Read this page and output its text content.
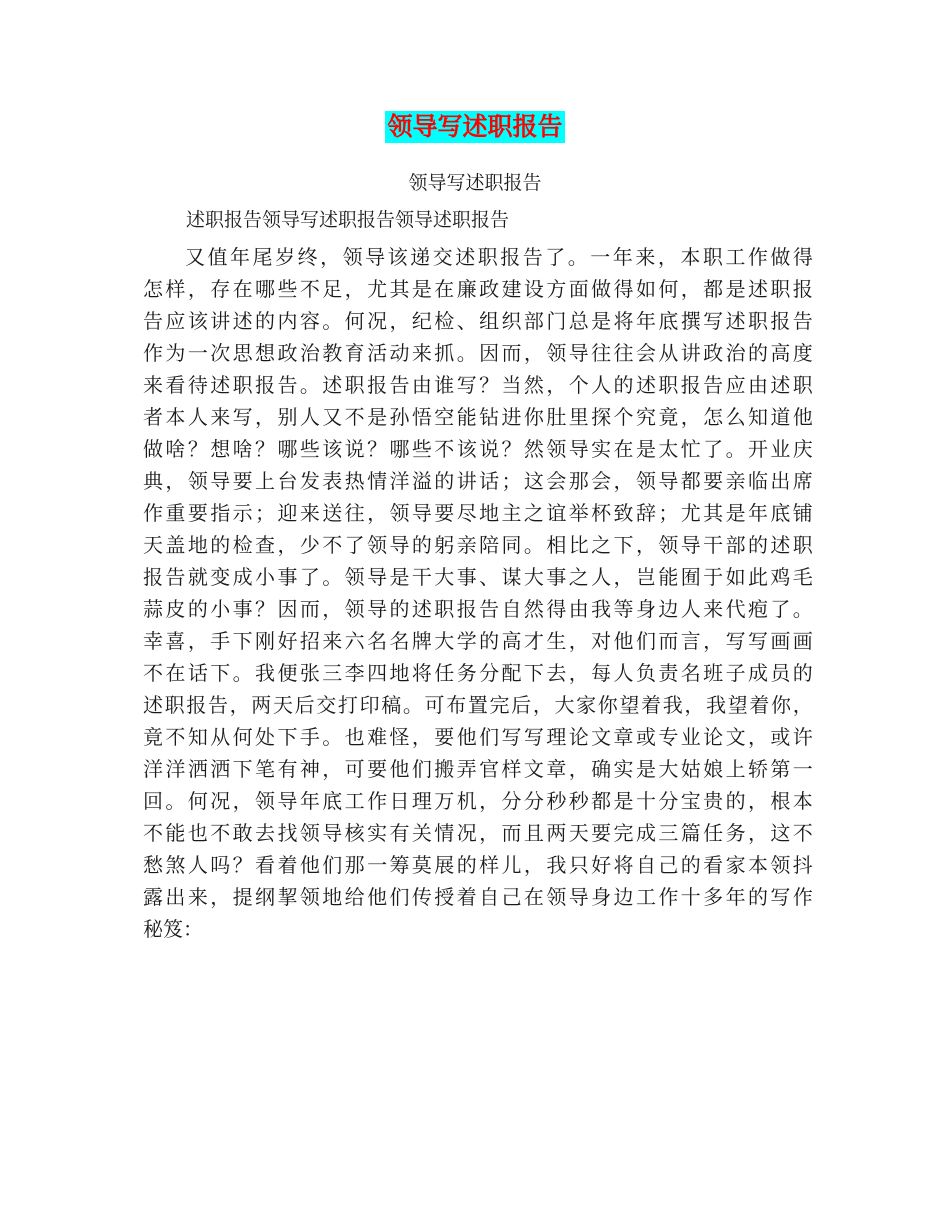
领导写述职报告
领导写述职报告
述职报告领导写述职报告领导述职报告
又 值 年 尾 岁 终 ， 领 导 该 递 交 述 职 报 告 了 。 一 年 来 ， 本 职 工 作 做 得
怎 样 ， 存 在 哪 些 不 足 ， 尤 其 是 在 廉 政 建 设 方 面 做 得 如 何 ， 都 是 述 职 报
告 应 该 讲 述 的 内 容 。 何 况 ， 纪 检 、 组 织 部 门 总 是 将 年 底 撰 写 述 职 报 告
作 为 一 次 思 想 政 治 教 育 活 动 来 抓 。 因 而 ， 领 导 往 往 会 从 讲 政 治 的 高 度
来 看 待 述 职 报 告 。 述 职 报 告 由 谁 写 ？ 当 然 ， 个 人 的 述 职 报 告 应 由 述 职
者 本 人 来 写 ， 别 人 又 不 是 孙 悟 空 能 钻 进 你 肚 里 探 个 究 竟 ， 怎 么 知 道 他
做 啥 ？ 想 啥 ？ 哪 些 该 说 ？ 哪 些 不 该 说 ？ 然 领 导 实 在 是 太 忙 了 。 开 业 庆
典 ， 领 导 要 上 台 发 表 热 情 洋 溢 的 讲 话 ； 这 会 那 会 ， 领 导 都 要 亲 临 出 席
作 重 要 指 示 ； 迎 来 送 往 ， 领 导 要 尽 地 主 之 谊 举 杯 致 辞 ； 尤 其 是 年 底 铺
天 盖 地 的 检 查 ， 少 不 了 领 导 的 躬 亲 陪 同 。 相 比 之 下 ， 领 导 干 部 的 述 职
报 告 就 变 成 小 事 了 。 领 导 是 干 大 事 、 谋 大 事 之 人 ， 岂 能 囿 于 如 此 鸡 毛
蒜 皮 的 小 事 ？ 因 而 ， 领 导 的 述 职 报 告 自 然 得 由 我 等 身 边 人 来 代 疱 了 。
幸 喜 ， 手 下 刚 好 招 来 六 名 名 牌 大 学 的 高 才 生 ， 对 他 们 而 言 ， 写 写 画 画
不 在 话 下 。 我 便 张 三 李 四 地 将 任 务 分 配 下 去 ， 每 人 负 责 名 班 子 成 员 的
述 职 报 告 ， 两 天 后 交 打 印 稿 。 可 布 置 完 后 ， 大 家 你 望 着 我 ， 我 望 着 你 ，
竟 不 知 从 何 处 下 手 。 也 难 怪 ， 要 他 们 写 写 理 论 文 章 或 专 业 论 文 ， 或 许
洋 洋 洒 洒 下 笔 有 神 ， 可 要 他 们 搬 弄 官 样 文 章 ， 确 实 是 大 姑 娘 上 轿 第 一
回 。 何 况 ， 领 导 年 底 工 作 日 理 万 机 ， 分 分 秒 秒 都 是 十 分 宝 贵 的 ， 根 本
不 能 也 不 敢 去 找 领 导 核 实 有 关 情 况 ， 而 且 两 天 要 完 成 三 篇 任 务 ， 这 不
愁 煞 人 吗 ？ 看 着 他 们 那 一 筹 莫 展 的 样 儿 ， 我 只 好 将 自 己 的 看 家 本 领 抖
露 出 来 ， 提 纲 挈 领 地 给 他 们 传 授 着 自 己 在 领 导 身 边 工 作 十 多 年 的 写 作
秘 笈 ：
